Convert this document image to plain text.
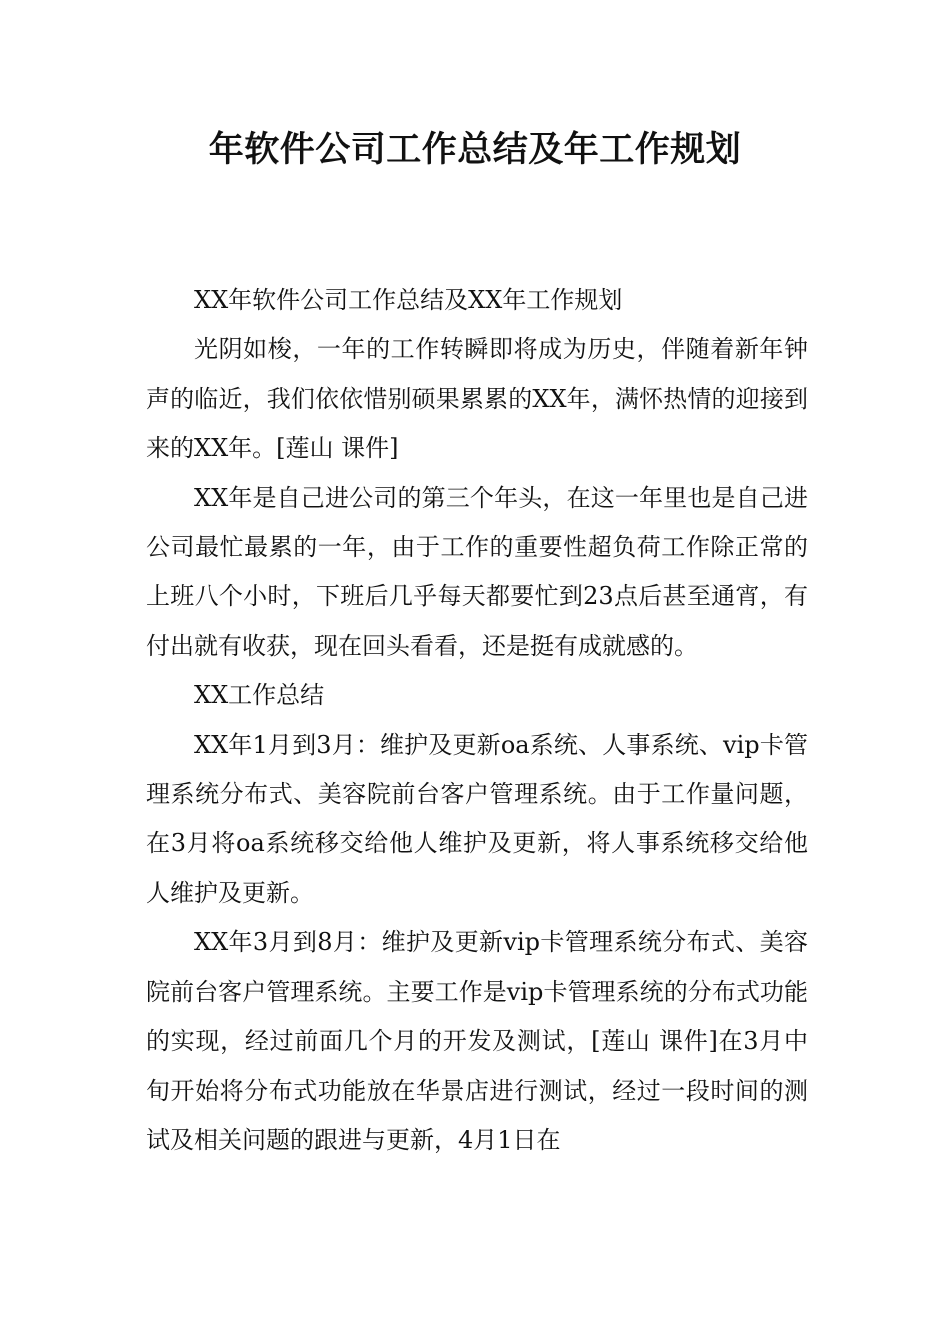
年软件公司工作总结及年工作规划

XX年软件公司工作总结及XX年工作规划

光阴如梭，一年的工作转瞬即将成为历史，伴随着新年钟声的临近，我们依依惜别硕果累累的XX年，满怀热情的迎接到来的XX年。[莲山 课件]

XX年是自己进公司的第三个年头，在这一年里也是自己进公司最忙最累的一年，由于工作的重要性超负荷工作除正常的上班八个小时，下班后几乎每天都要忙到23点后甚至通宵，有付出就有收获，现在回头看看，还是挺有成就感的。

XX工作总结

XX年1月到3月：维护及更新oa系统、人事系统、vip卡管理系统分布式、美容院前台客户管理系统。由于工作量问题，在3月将oa系统移交给他人维护及更新，将人事系统移交给他人维护及更新。

XX年3月到8月：维护及更新vip卡管理系统分布式、美容院前台客户管理系统。主要工作是vip卡管理系统的分布式功能的实现，经过前面几个月的开发及测试，[莲山 课件]在3月中旬开始将分布式功能放在华景店进行测试，经过一段时间的测试及相关问题的跟进与更新，4月1日在
